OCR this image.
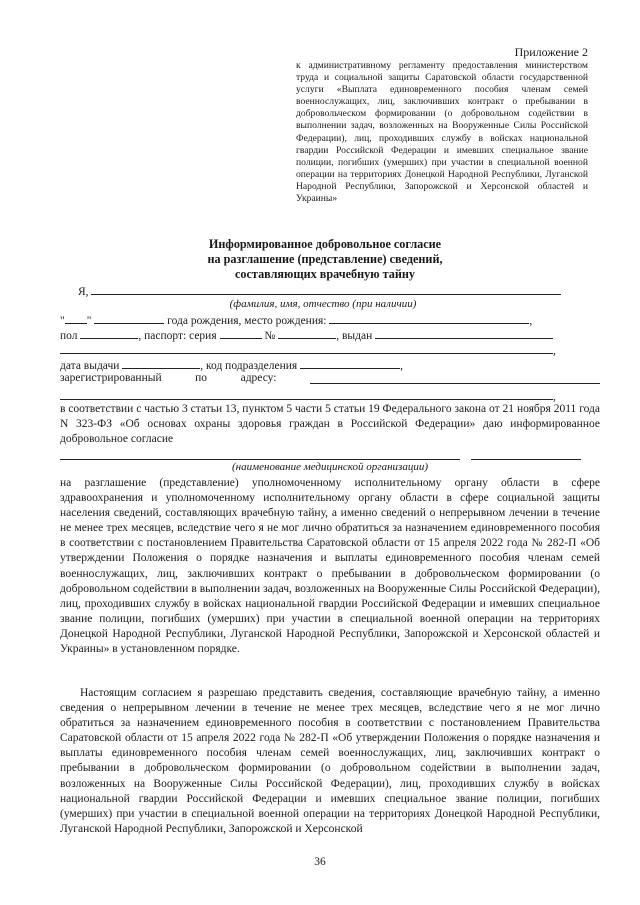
Приложение 2
к административному регламенту предоставления министерством труда и социальной защиты Саратовской области государственной услуги «Выплата единовременного пособия членам семей военнослужащих, лиц, заключивших контракт о пребывании в добровольческом формировании (о добровольном содействии в выполнении задач, возложенных на Вооруженные Силы Российской Федерации), лиц, проходивших службу в войсках национальной гвардии Российской Федерации и имевших специальное звание полиции, погибших (умерших) при участии в специальной военной операции на территориях Донецкой Народной Республики, Луганской Народной Республики, Запорожской и Херсонской областей и Украины»
Информированное добровольное согласие
на разглашение (представление) сведений,
составляющих врачебную тайну
Я,
(фамилия, имя, отчество (при наличии)
" "	года рождения, место рождения:	,
пол	, паспорт: серия	№	, выдан
,
дата выдачи	, код подразделения	,
зарегистрированный	по	адресу:
,
в соответствии с частью 3 статьи 13, пунктом 5 части 5 статьи 19 Федерального закона от 21 ноября 2011 года N 323-ФЗ «Об основах охраны здоровья граждан в Российской Федерации» даю информированное добровольное согласие

(наименование медицинской организации)
на разглашение (представление) уполномоченному исполнительному органу области в сфере здравоохранения и уполномоченному исполнительному органу области в сфере социальной защиты населения сведений, составляющих врачебную тайну, а именно сведений о непрерывном лечении в течение не менее трех месяцев, вследствие чего я не мог лично обратиться за назначением единовременного пособия в соответствии с постановлением Правительства Саратовской области от 15 апреля 2022 года № 282-П «Об утверждении Положения о порядке назначения и выплаты единовременного пособия членам семей военнослужащих, лиц, заключивших контракт о пребывании в добровольческом формировании (о добровольном содействии в выполнении задач, возложенных на Вооруженные Силы Российской Федерации), лиц, проходивших службу в войсках национальной гвардии Российской Федерации и имевших специальное звание полиции, погибших (умерших) при участии в специальной военной операции на территориях Донецкой Народной Республики, Луганской Народной Республики, Запорожской и Херсонской областей и Украины» в установленном порядке.
Настоящим согласием я разрешаю представить сведения, составляющие врачебную тайну, а именно сведения о непрерывном лечении в течение не менее трех месяцев, вследствие чего я не мог лично обратиться за назначением единовременного пособия в соответствии с постановлением Правительства Саратовской области от 15 апреля 2022 года № 282-П «Об утверждении Положения о порядке назначения и выплаты единовременного пособия членам семей военнослужащих, лиц, заключивших контракт о пребывании в добровольческом формировании (о добровольном содействии в выполнении задач, возложенных на Вооруженные Силы Российской Федерации), лиц, проходивших службу в войсках национальной гвардии Российской Федерации и имевших специальное звание полиции, погибших (умерших) при участии в специальной военной операции на территориях Донецкой Народной Республики, Луганской Народной Республики, Запорожской и Херсонской
36
